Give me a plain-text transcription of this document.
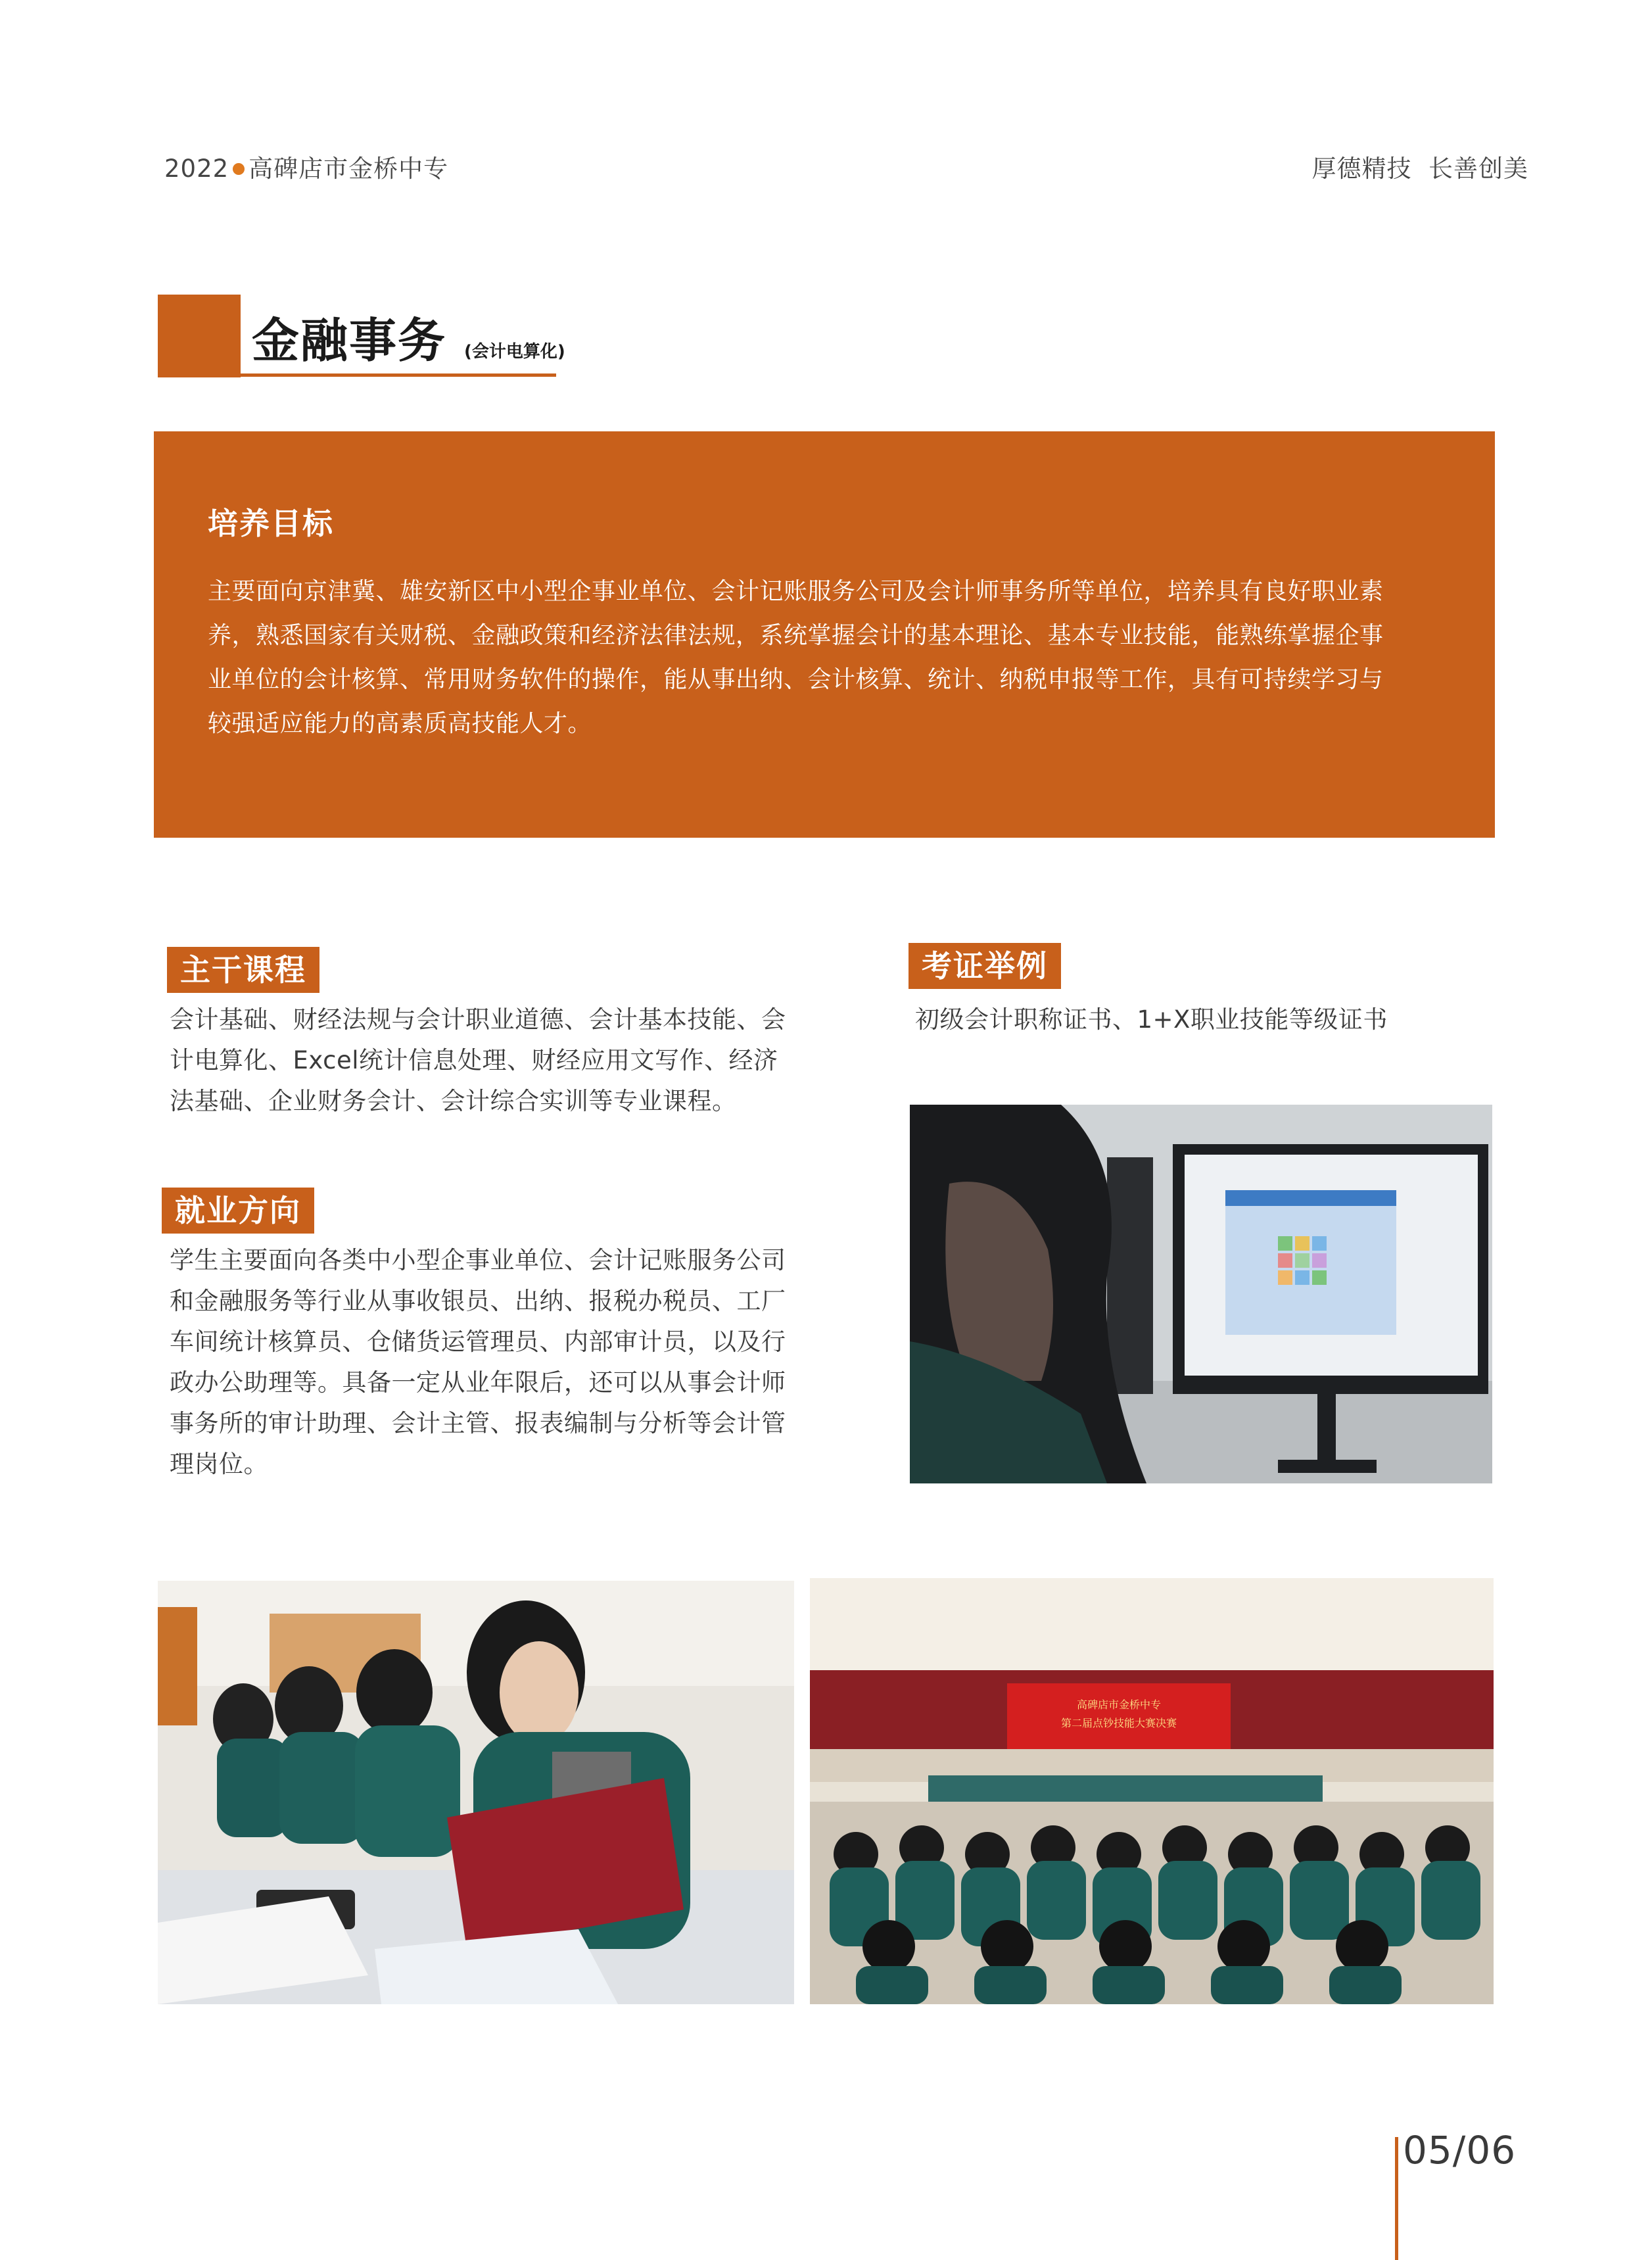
2022 高碑店市金桥中专	厚德精技  长善创美
金融事务 (会计电算化)
培养目标
主要面向京津冀、雄安新区中小型企事业单位、会计记账服务公司及会计师事务所等单位，培养具有良好职业素养，熟悉国家有关财税、金融政策和经济法律法规，系统掌握会计的基本理论、基本专业技能，能熟练掌握企事业单位的会计核算、常用财务软件的操作，能从事出纳、会计核算、统计、纳税申报等工作，具有可持续学习与较强适应能力的高素质高技能人才。
主干课程
会计基础、财经法规与会计职业道德、会计基本技能、会计电算化、Excel统计信息处理、财经应用文写作、经济法基础、企业财务会计、会计综合实训等专业课程。
就业方向
学生主要面向各类中小型企事业单位、会计记账服务公司和金融服务等行业从事收银员、出纳、报税办税员、工厂车间统计核算员、仓储货运管理员、内部审计员，以及行政办公助理等。具备一定从业年限后，还可以从事会计师事务所的审计助理、会计主管、报表编制与分析等会计管理岗位。
考证举例
初级会计职称证书、1+X职业技能等级证书
高碑店市金桥中专
第二届点钞技能大赛决赛
05/06
